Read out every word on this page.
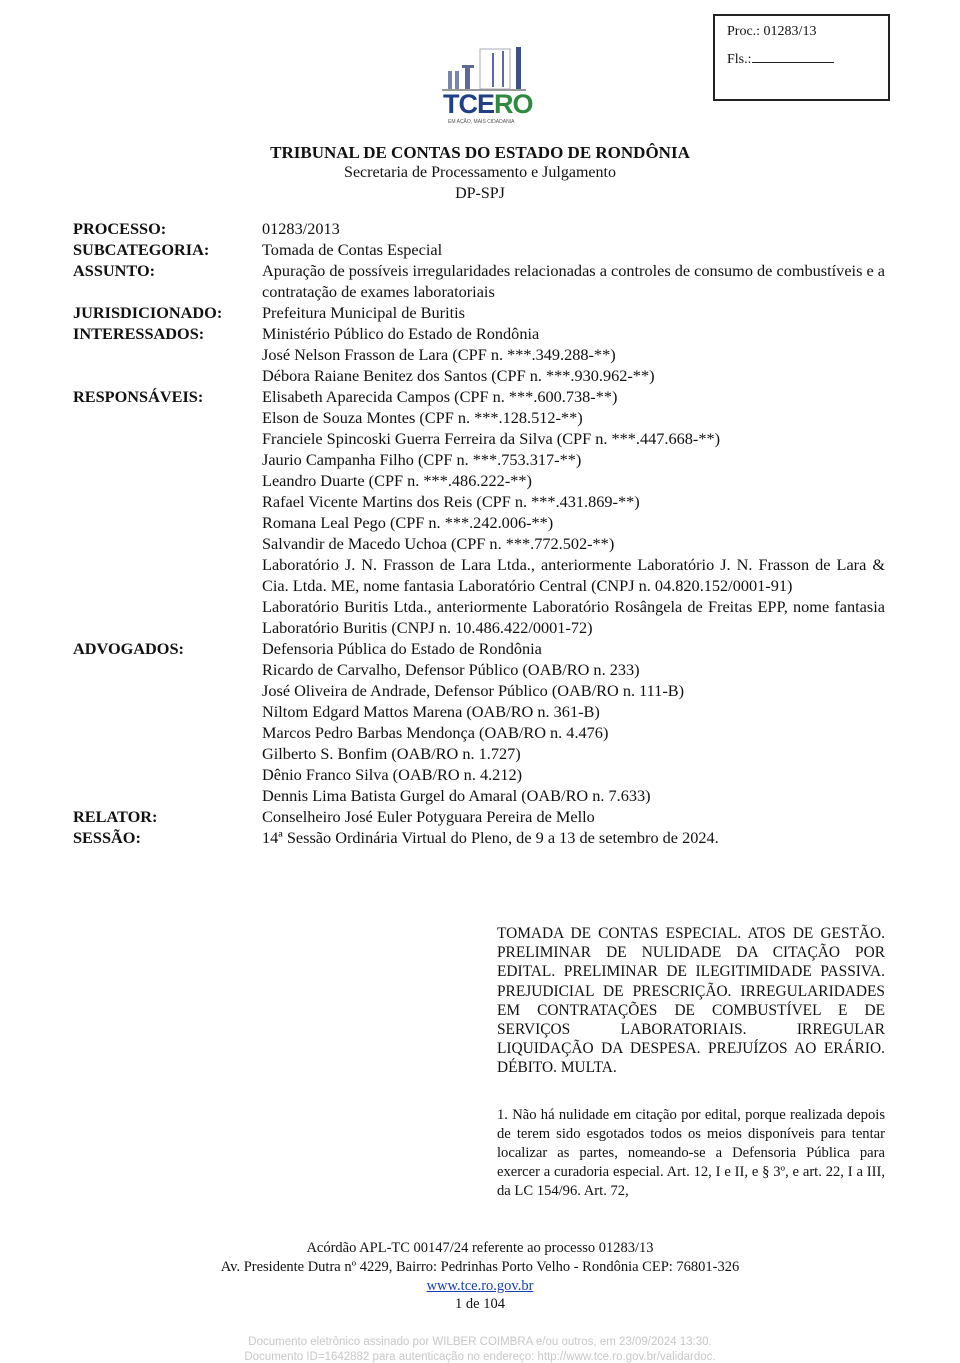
Proc.: 01283/13
Fls.:
TCERO
EM AÇÃO, MAIS CIDADANIA
TRIBUNAL DE CONTAS DO ESTADO DE RONDÔNIA
Secretaria de Processamento e Julgamento
DP-SPJ
PROCESSO:	01283/2013
SUBCATEGORIA:	Tomada de Contas Especial
ASSUNTO:	Apuração de possíveis irregularidades relacionadas a controles de consumo de combustíveis e a contratação de exames laboratoriais
JURISDICIONADO:	Prefeitura Municipal de Buritis
INTERESSADOS:	Ministério Público do Estado de Rondônia
José Nelson Frasson de Lara (CPF n. ***.349.288-**)
Débora Raiane Benitez dos Santos (CPF n. ***.930.962-**)
RESPONSÁVEIS:	Elisabeth Aparecida Campos (CPF n. ***.600.738-**)
Elson de Souza Montes (CPF n. ***.128.512-**)
Franciele Spincoski Guerra Ferreira da Silva (CPF n. ***.447.668-**)
Jaurio Campanha Filho (CPF n. ***.753.317-**)
Leandro Duarte (CPF n. ***.486.222-**)
Rafael Vicente Martins dos Reis (CPF n. ***.431.869-**)
Romana Leal Pego (CPF n. ***.242.006-**)
Salvandir de Macedo Uchoa (CPF n. ***.772.502-**)
Laboratório J. N. Frasson de Lara Ltda., anteriormente Laboratório J. N. Frasson de Lara & Cia. Ltda. ME, nome fantasia Laboratório Central (CNPJ n. 04.820.152/0001-91)
Laboratório Buritis Ltda., anteriormente Laboratório Rosângela de Freitas EPP, nome fantasia Laboratório Buritis (CNPJ n. 10.486.422/0001-72)
ADVOGADOS:	Defensoria Pública do Estado de Rondônia
Ricardo de Carvalho, Defensor Público (OAB/RO n. 233)
José Oliveira de Andrade, Defensor Público (OAB/RO n. 111-B)
Niltom Edgard Mattos Marena (OAB/RO n. 361-B)
Marcos Pedro Barbas Mendonça (OAB/RO n. 4.476)
Gilberto S. Bonfim (OAB/RO n. 1.727)
Dênio Franco Silva (OAB/RO n. 4.212)
Dennis Lima Batista Gurgel do Amaral (OAB/RO n. 7.633)
RELATOR:	Conselheiro José Euler Potyguara Pereira de Mello
SESSÃO:	14ª Sessão Ordinária Virtual do Pleno, de 9 a 13 de setembro de 2024.
TOMADA DE CONTAS ESPECIAL. ATOS DE GESTÃO. PRELIMINAR DE NULIDADE DA CITAÇÃO POR EDITAL. PRELIMINAR DE ILEGITIMIDADE PASSIVA. PREJUDICIAL DE PRESCRIÇÃO. IRREGULARIDADES EM CONTRATAÇÕES DE COMBUSTÍVEL E DE SERVIÇOS LABORATORIAIS. IRREGULAR LIQUIDAÇÃO DA DESPESA. PREJUÍZOS AO ERÁRIO. DÉBITO. MULTA.
1. Não há nulidade em citação por edital, porque realizada depois de terem sido esgotados todos os meios disponíveis para tentar localizar as partes, nomeando-se a Defensoria Pública para exercer a curadoria especial. Art. 12, I e II, e § 3º, e art. 22, I a III, da LC 154/96. Art. 72,
Acórdão APL-TC 00147/24 referente ao processo 01283/13
Av. Presidente Dutra nº 4229, Bairro: Pedrinhas Porto Velho - Rondônia CEP: 76801-326
www.tce.ro.gov.br
1 de 104
Documento eletrônico assinado por WILBER COIMBRA e/ou outros, em 23/09/2024 13:30.
Documento ID=1642882 para autenticação no endereço: http://www.tce.ro.gov.br/validardoc.
